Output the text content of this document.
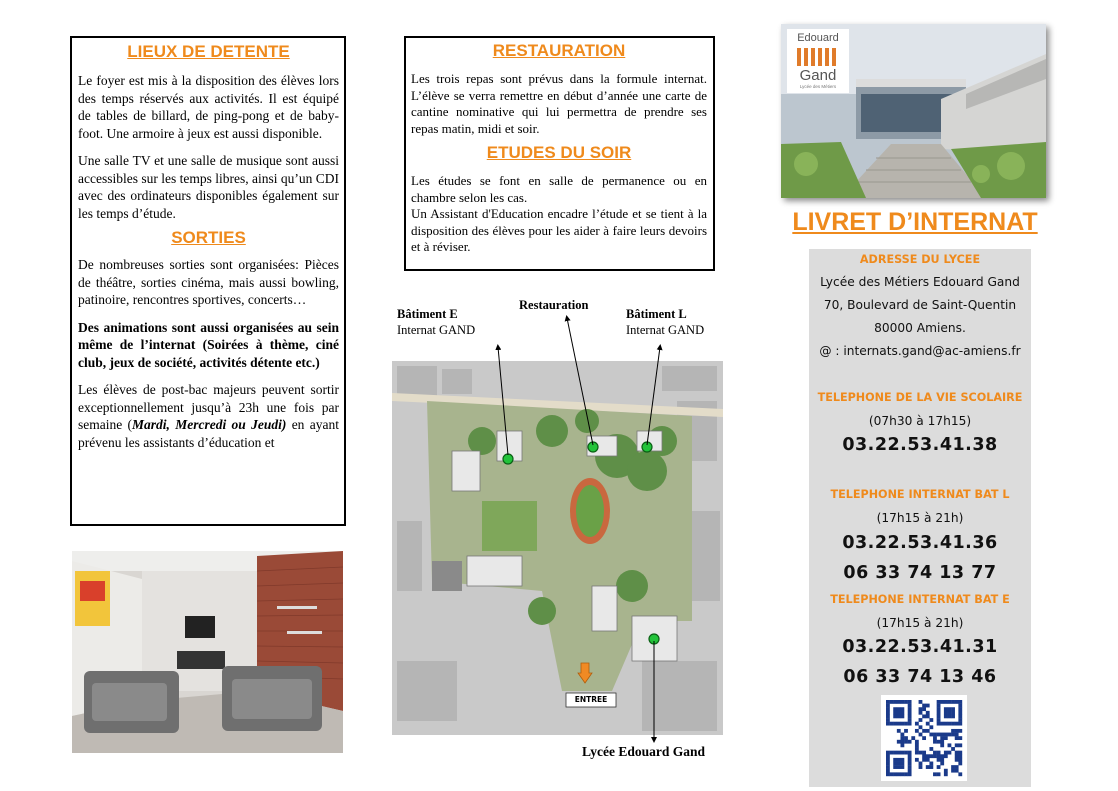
LIEUX DE DETENTE

Le foyer est mis à la disposition des élèves lors des temps réservés aux activités. Il est équipé de tables de billard, de ping-pong et de baby-foot. Une armoire à jeux est aussi disponible.

Une salle TV et une salle de musique sont aussi accessibles sur les temps libres, ainsi qu’un CDI avec des ordinateurs disponibles également sur les temps d’étude.

SORTIES

De nombreuses sorties sont organisées: Pièces de théâtre, sorties cinéma, mais aussi bowling, patinoire, rencontres sportives, concerts…

Des animations sont aussi organisées au sein même de l’internat (Soirées à thème, ciné club, jeux de société, activités détente etc.)

Les élèves de post-bac majeurs peuvent sortir exceptionnellement jusqu’à 23h une fois par semaine (Mardi, Mercredi ou Jeudi) en ayant prévenu les assistants d’éducation et

RESTAURATION

Les trois repas sont prévus dans la formule internat. L’élève se verra remettre en début d’année une carte de cantine nominative qui lui permettra de prendre ses repas matin, midi et soir.

ETUDES DU SOIR

Les études se font en salle de permanence ou en chambre selon les cas.

Un Assistant d'Education encadre l’étude et se tient à la disposition des élèves pour les aider à faire leurs devoirs et à réviser.

Bâtiment E
Internat GAND
Restauration
Bâtiment L
Internat GAND
ENTREE
Lycée Edouard Gand
Edouard
Gand
Lycée des Métiers
LIVRET D’INTERNAT
ADRESSE DU LYCEE
Lycée des Métiers Edouard Gand
70, Boulevard de Saint-Quentin
80000 Amiens.
@ : internats.gand@ac-amiens.fr
TELEPHONE DE LA VIE SCOLAIRE
(07h30 à 17h15)
03.22.53.41.38
TELEPHONE INTERNAT BAT L
(17h15 à 21h)
03.22.53.41.36
06 33 74 13 77
TELEPHONE INTERNAT BAT E
(17h15 à 21h)
03.22.53.41.31
06 33 74 13 46
